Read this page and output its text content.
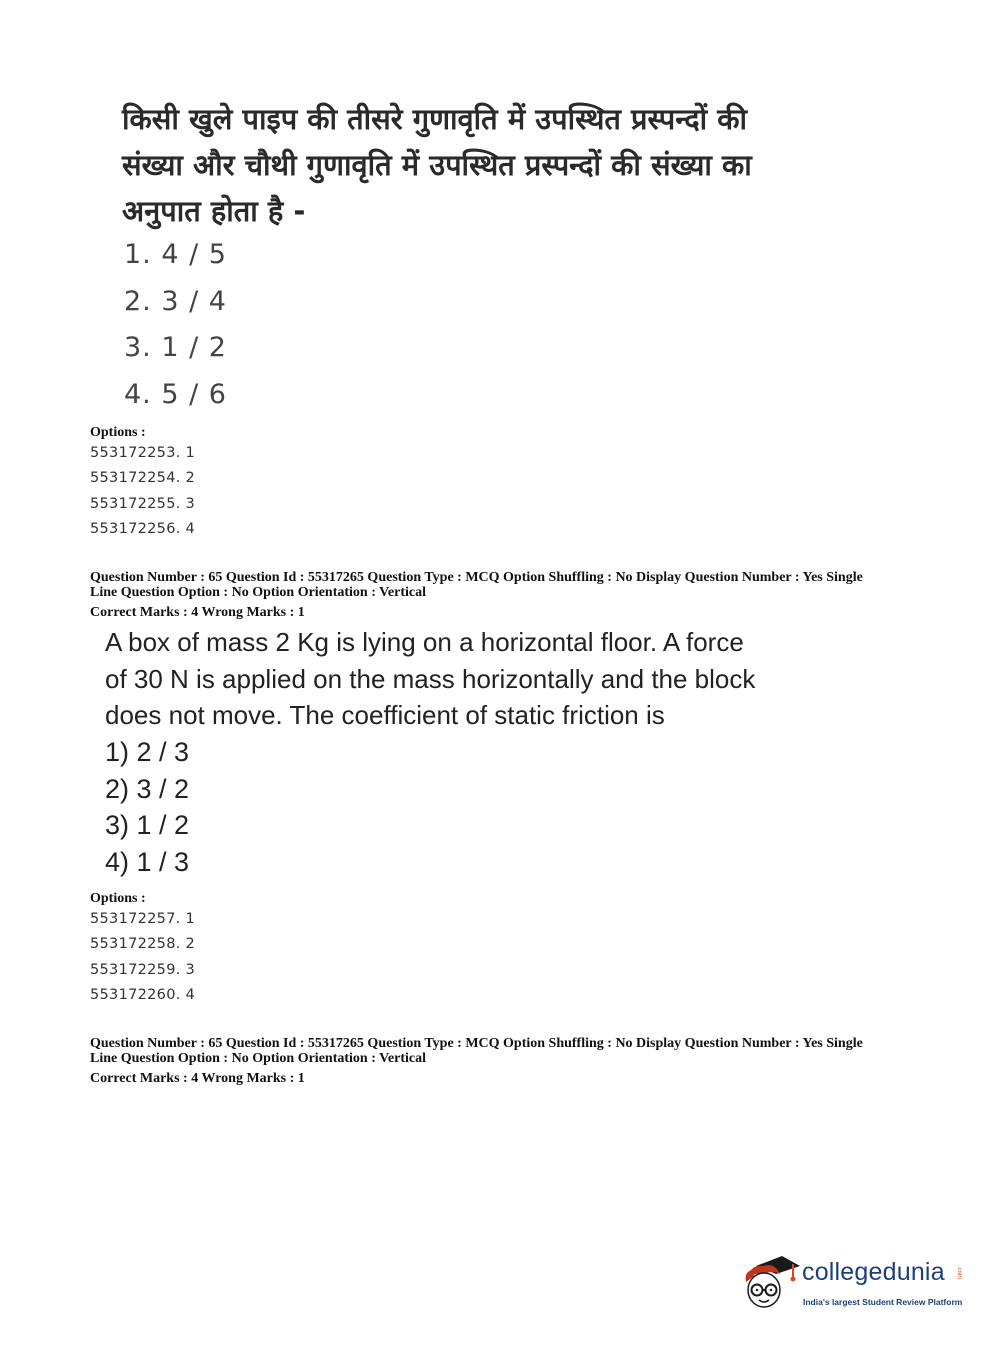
किसी खुले पाइप की तीसरे गुणावृति में उपस्थित प्रस्पन्दों की
संख्या और चौथी गुणावृति में उपस्थित प्रस्पन्दों की संख्या का
अनुपात होता है -
1. 4 / 5
2. 3 / 4
3. 1 / 2
4. 5 / 6
Options :
553172253. 1
553172254. 2
553172255. 3
553172256. 4
Question Number : 65 Question Id : 55317265 Question Type : MCQ Option Shuffling : No Display Question Number : Yes Single
Line Question Option : No Option Orientation : Vertical
Correct Marks : 4 Wrong Marks : 1
A box of mass 2 Kg is lying on a horizontal floor. A force
of 30 N is applied on the mass horizontally and the block
does not move. The coefficient of static friction is
1) 2 / 3
2) 3 / 2
3) 1 / 2
4) 1 / 3
Options :
553172257. 1
553172258. 2
553172259. 3
553172260. 4
Question Number : 65 Question Id : 55317265 Question Type : MCQ Option Shuffling : No Display Question Number : Yes Single
Line Question Option : No Option Orientation : Vertical
Correct Marks : 4 Wrong Marks : 1
collegedunia .com
India's largest Student Review Platform
